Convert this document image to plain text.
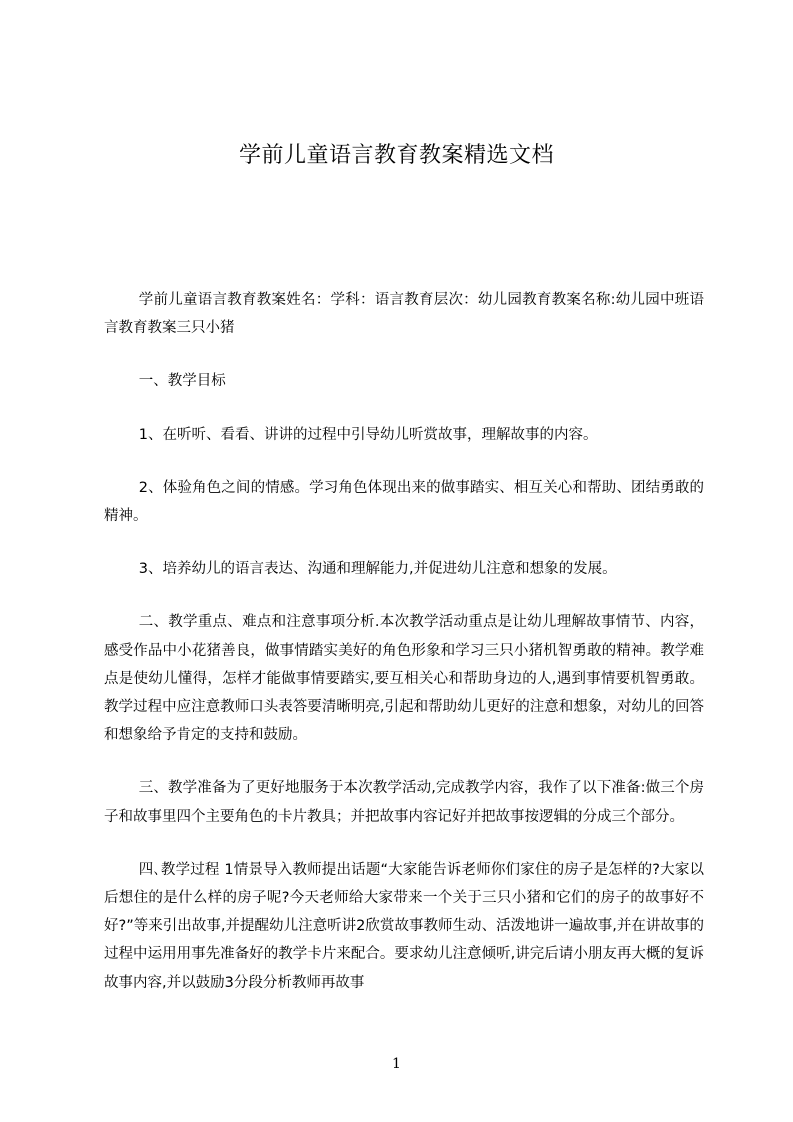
学前儿童语言教育教案精选文档

学前儿童语言教育教案姓名：学科：语言教育层次：幼儿园教育教案名称:幼儿园中班语言教育教案三只小猪

一、教学目标

1、在听听、看看、讲讲的过程中引导幼儿听赏故事，理解故事的内容。

2、体验角色之间的情感。学习角色体现出来的做事踏实、相互关心和帮助、团结勇敢的精神。

3、培养幼儿的语言表达、沟通和理解能力,并促进幼儿注意和想象的发展。

二、教学重点、难点和注意事项分析.本次教学活动重点是让幼儿理解故事情节、内容，感受作品中小花猪善良，做事情踏实美好的角色形象和学习三只小猪机智勇敢的精神。教学难点是使幼儿懂得，怎样才能做事情要踏实,要互相关心和帮助身边的人,遇到事情要机智勇敢。教学过程中应注意教师口头表答要清晰明亮,引起和帮助幼儿更好的注意和想象，对幼儿的回答和想象给予肯定的支持和鼓励。

三、教学准备为了更好地服务于本次教学活动,完成教学内容，我作了以下准备:做三个房子和故事里四个主要角色的卡片教具；并把故事内容记好并把故事按逻辑的分成三个部分。

四､教学过程 1情景导入教师提出话题“大家能告诉老师你们家住的房子是怎样的?大家以后想住的是什么样的房子呢?今天老师给大家带来一个关于三只小猪和它们的房子的故事好不好?”等来引出故事,并提醒幼儿注意听讲2欣赏故事教师生动、活泼地讲一遍故事,并在讲故事的过程中运用用事先准备好的教学卡片来配合。要求幼儿注意倾听,讲完后请小朋友再大概的复诉故事内容,并以鼓励3分段分析教师再故事

1
